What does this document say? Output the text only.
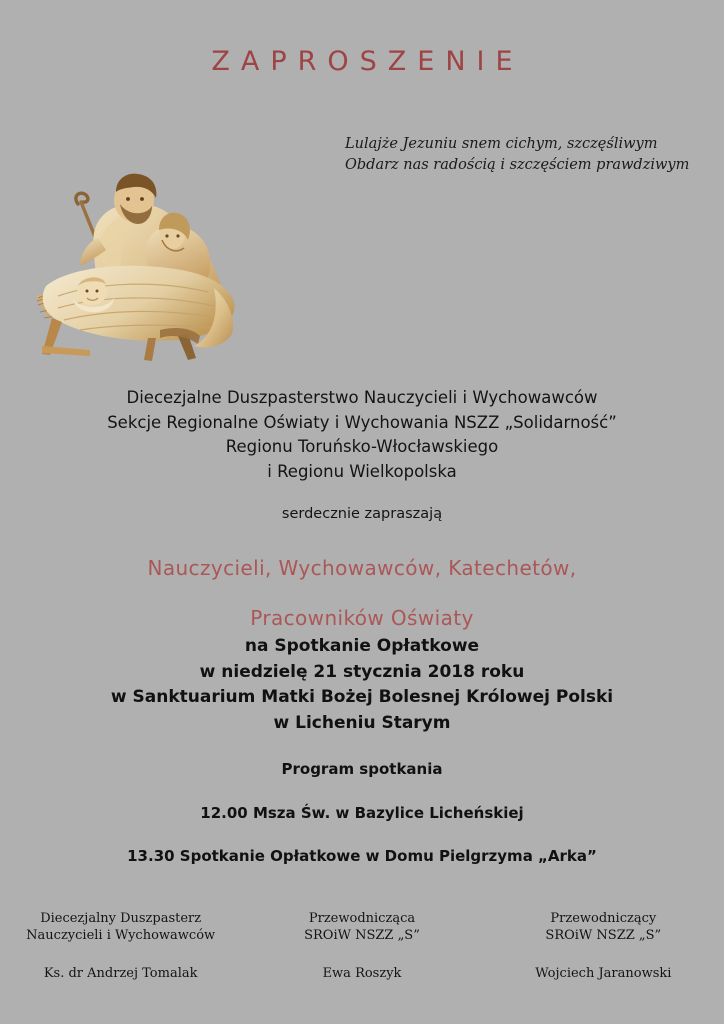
ZAPROSZENIE
Lulajże Jezuniu snem cichym, szczęśliwym
Obdarz nas radością i szczęściem prawdziwym
Diecezjalne Duszpasterstwo Nauczycieli i Wychowawców
Sekcje Regionalne Oświaty i Wychowania NSZZ „Solidarność”
Regionu Toruńsko-Włocławskiego
i Regionu Wielkopolska
serdecznie zapraszają
Nauczycieli, Wychowawców, Katechetów,
Pracowników Oświaty
na Spotkanie Opłatkowe
w niedzielę 21 stycznia 2018 roku
w Sanktuarium Matki Bożej Bolesnej Królowej Polski
w Licheniu Starym
Program spotkania
12.00 Msza Św. w Bazylice Licheńskiej
13.30 Spotkanie Opłatkowe w Domu Pielgrzyma „Arka”
Diecezjalny Duszpasterz
Nauczycieli i Wychowawców
Ks. dr Andrzej Tomalak
Przewodnicząca
SROiW NSZZ „S”
Ewa Roszyk
Przewodniczący
SROiW NSZZ „S”
Wojciech Jaranowski
